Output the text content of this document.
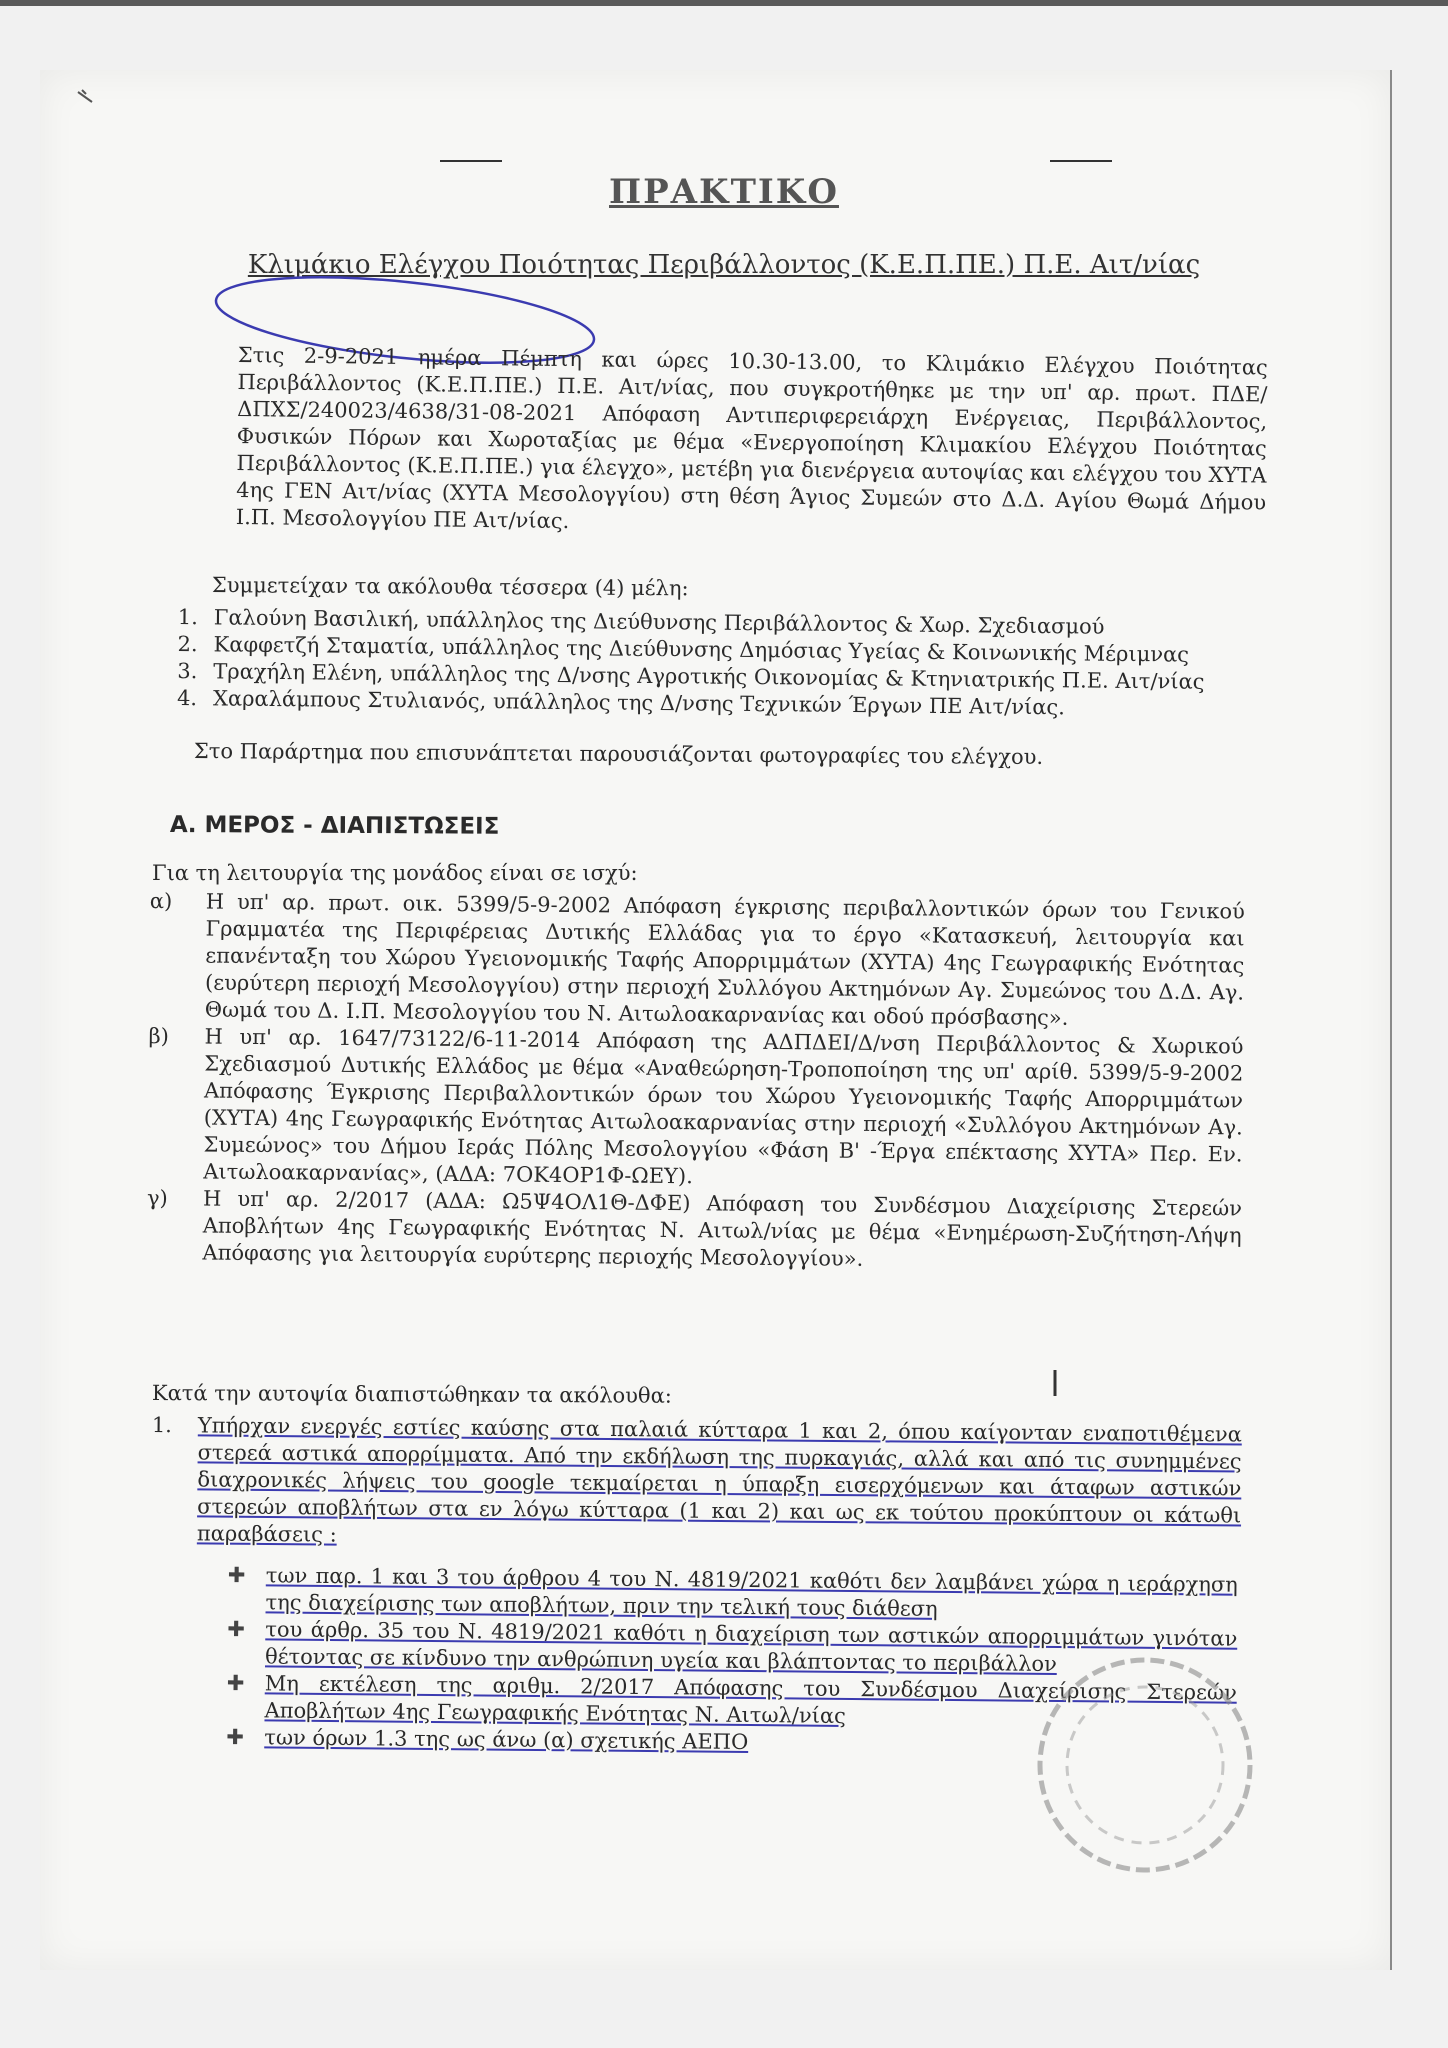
ΠΡΑΚΤΙΚΟ
Κλιμάκιο Ελέγχου Ποιότητας Περιβάλλοντος (Κ.Ε.Π.ΠΕ.) Π.Ε. Αιτ/νίας
Στις 2-9-2021 ημέρα Πέμπτη και ώρες 10.30-13.00, το Κλιμάκιο Ελέγχου Ποιότητας Περιβάλλοντος (Κ.Ε.Π.ΠΕ.) Π.Ε. Αιτ/νίας, που συγκροτήθηκε με την υπ' αρ. πρωτ. ΠΔΕ/ΔΠΧΣ/240023/4638/31-08-2021 Απόφαση Αντιπεριφερειάρχη Ενέργειας, Περιβάλλοντος, Φυσικών Πόρων και Χωροταξίας με θέμα «Ενεργοποίηση Κλιμακίου Ελέγχου Ποιότητας Περιβάλλοντος (Κ.Ε.Π.ΠΕ.) για έλεγχο», μετέβη για διενέργεια αυτοψίας και ελέγχου του ΧΥΤΑ 4ης ΓΕΝ Αιτ/νίας (ΧΥΤΑ Μεσολογγίου) στη θέση Άγιος Συμεών στο Δ.Δ. Αγίου Θωμά Δήμου Ι.Π. Μεσολογγίου ΠΕ Αιτ/νίας.
Συμμετείχαν τα ακόλουθα τέσσερα (4) μέλη:
1. Γαλούνη Βασιλική, υπάλληλος της Διεύθυνσης Περιβάλλοντος & Χωρ. Σχεδιασμού
2. Καφφετζή Σταματία, υπάλληλος της Διεύθυνσης Δημόσιας Υγείας & Κοινωνικής Μέριμνας
3. Τραχήλη Ελένη, υπάλληλος της Δ/νσης Αγροτικής Οικονομίας & Κτηνιατρικής Π.Ε. Αιτ/νίας
4. Χαραλάμπους Στυλιανός, υπάλληλος της Δ/νσης Τεχνικών Έργων ΠΕ Αιτ/νίας.
Στο Παράρτημα που επισυνάπτεται παρουσιάζονται φωτογραφίες του ελέγχου.
Α. ΜΕΡΟΣ - ΔΙΑΠΙΣΤΩΣΕΙΣ
Για τη λειτουργία της μονάδος είναι σε ισχύ:
α)	Η υπ' αρ. πρωτ. οικ. 5399/5-9-2002 Απόφαση έγκρισης περιβαλλοντικών όρων του Γενικού Γραμματέα της Περιφέρειας Δυτικής Ελλάδας για το έργο «Κατασκευή, λειτουργία και επανένταξη του Χώρου Υγειονομικής Ταφής Απορριμμάτων (ΧΥΤΑ) 4ης Γεωγραφικής Ενότητας (ευρύτερη περιοχή Μεσολογγίου) στην περιοχή Συλλόγου Ακτημόνων Αγ. Συμεώνος του Δ.Δ. Αγ. Θωμά του Δ. Ι.Π. Μεσολογγίου του Ν. Αιτωλοακαρνανίας και οδού πρόσβασης».
β)	Η υπ' αρ. 1647/73122/6-11-2014 Απόφαση της ΑΔΠΔΕΙ/Δ/νση Περιβάλλοντος & Χωρικού Σχεδιασμού Δυτικής Ελλάδος με θέμα «Αναθεώρηση-Τροποποίηση της υπ' αρίθ. 5399/5-9-2002 Απόφασης Έγκρισης Περιβαλλοντικών όρων του Χώρου Υγειονομικής Ταφής Απορριμμάτων (ΧΥΤΑ) 4ης Γεωγραφικής Ενότητας Αιτωλοακαρνανίας στην περιοχή «Συλλόγου Ακτημόνων Αγ. Συμεώνος» του Δήμου Ιεράς Πόλης Μεσολογγίου «Φάση Β' -Έργα επέκτασης ΧΥΤΑ» Περ. Εν. Αιτωλοακαρνανίας», (ΑΔΑ: 7ΟΚ4ΟΡ1Φ-ΩΕΥ).
γ)	Η υπ' αρ. 2/2017 (ΑΔΑ: Ω5Ψ4ΟΛ1Θ-ΔΦΕ) Απόφαση του Συνδέσμου Διαχείρισης Στερεών Αποβλήτων 4ης Γεωγραφικής Ενότητας Ν. Αιτωλ/νίας με θέμα «Ενημέρωση-Συζήτηση-Λήψη Απόφασης για λειτουργία ευρύτερης περιοχής Μεσολογγίου».
Κατά την αυτοψία διαπιστώθηκαν τα ακόλουθα:
1.	Υπήρχαν ενεργές εστίες καύσης στα παλαιά κύτταρα 1 και 2, όπου καίγονταν εναποτιθέμενα στερεά αστικά απορρίμματα. Από την εκδήλωση της πυρκαγιάς, αλλά και από τις συνημμένες διαχρονικές λήψεις του google τεκμαίρεται η ύπαρξη εισερχόμενων και άταφων αστικών στερεών αποβλήτων στα εν λόγω κύτταρα (1 και 2) και ως εκ τούτου προκύπτουν οι κάτωθι παραβάσεις :
✚ των παρ. 1 και 3 του άρθρου 4 του Ν. 4819/2021 καθότι δεν λαμβάνει χώρα η ιεράρχηση της διαχείρισης των αποβλήτων, πριν την τελική τους διάθεση
✚ του άρθρ. 35 του Ν. 4819/2021 καθότι η διαχείριση των αστικών απορριμμάτων γινόταν θέτοντας σε κίνδυνο την ανθρώπινη υγεία και βλάπτοντας το περιβάλλον
✚ Μη εκτέλεση της αριθμ. 2/2017 Απόφασης του Συνδέσμου Διαχείρισης Στερεών Αποβλήτων 4ης Γεωγραφικής Ενότητας Ν. Αιτωλ/νίας
✚ των όρων 1.3 της ως άνω (α) σχετικής ΑΕΠΟ
